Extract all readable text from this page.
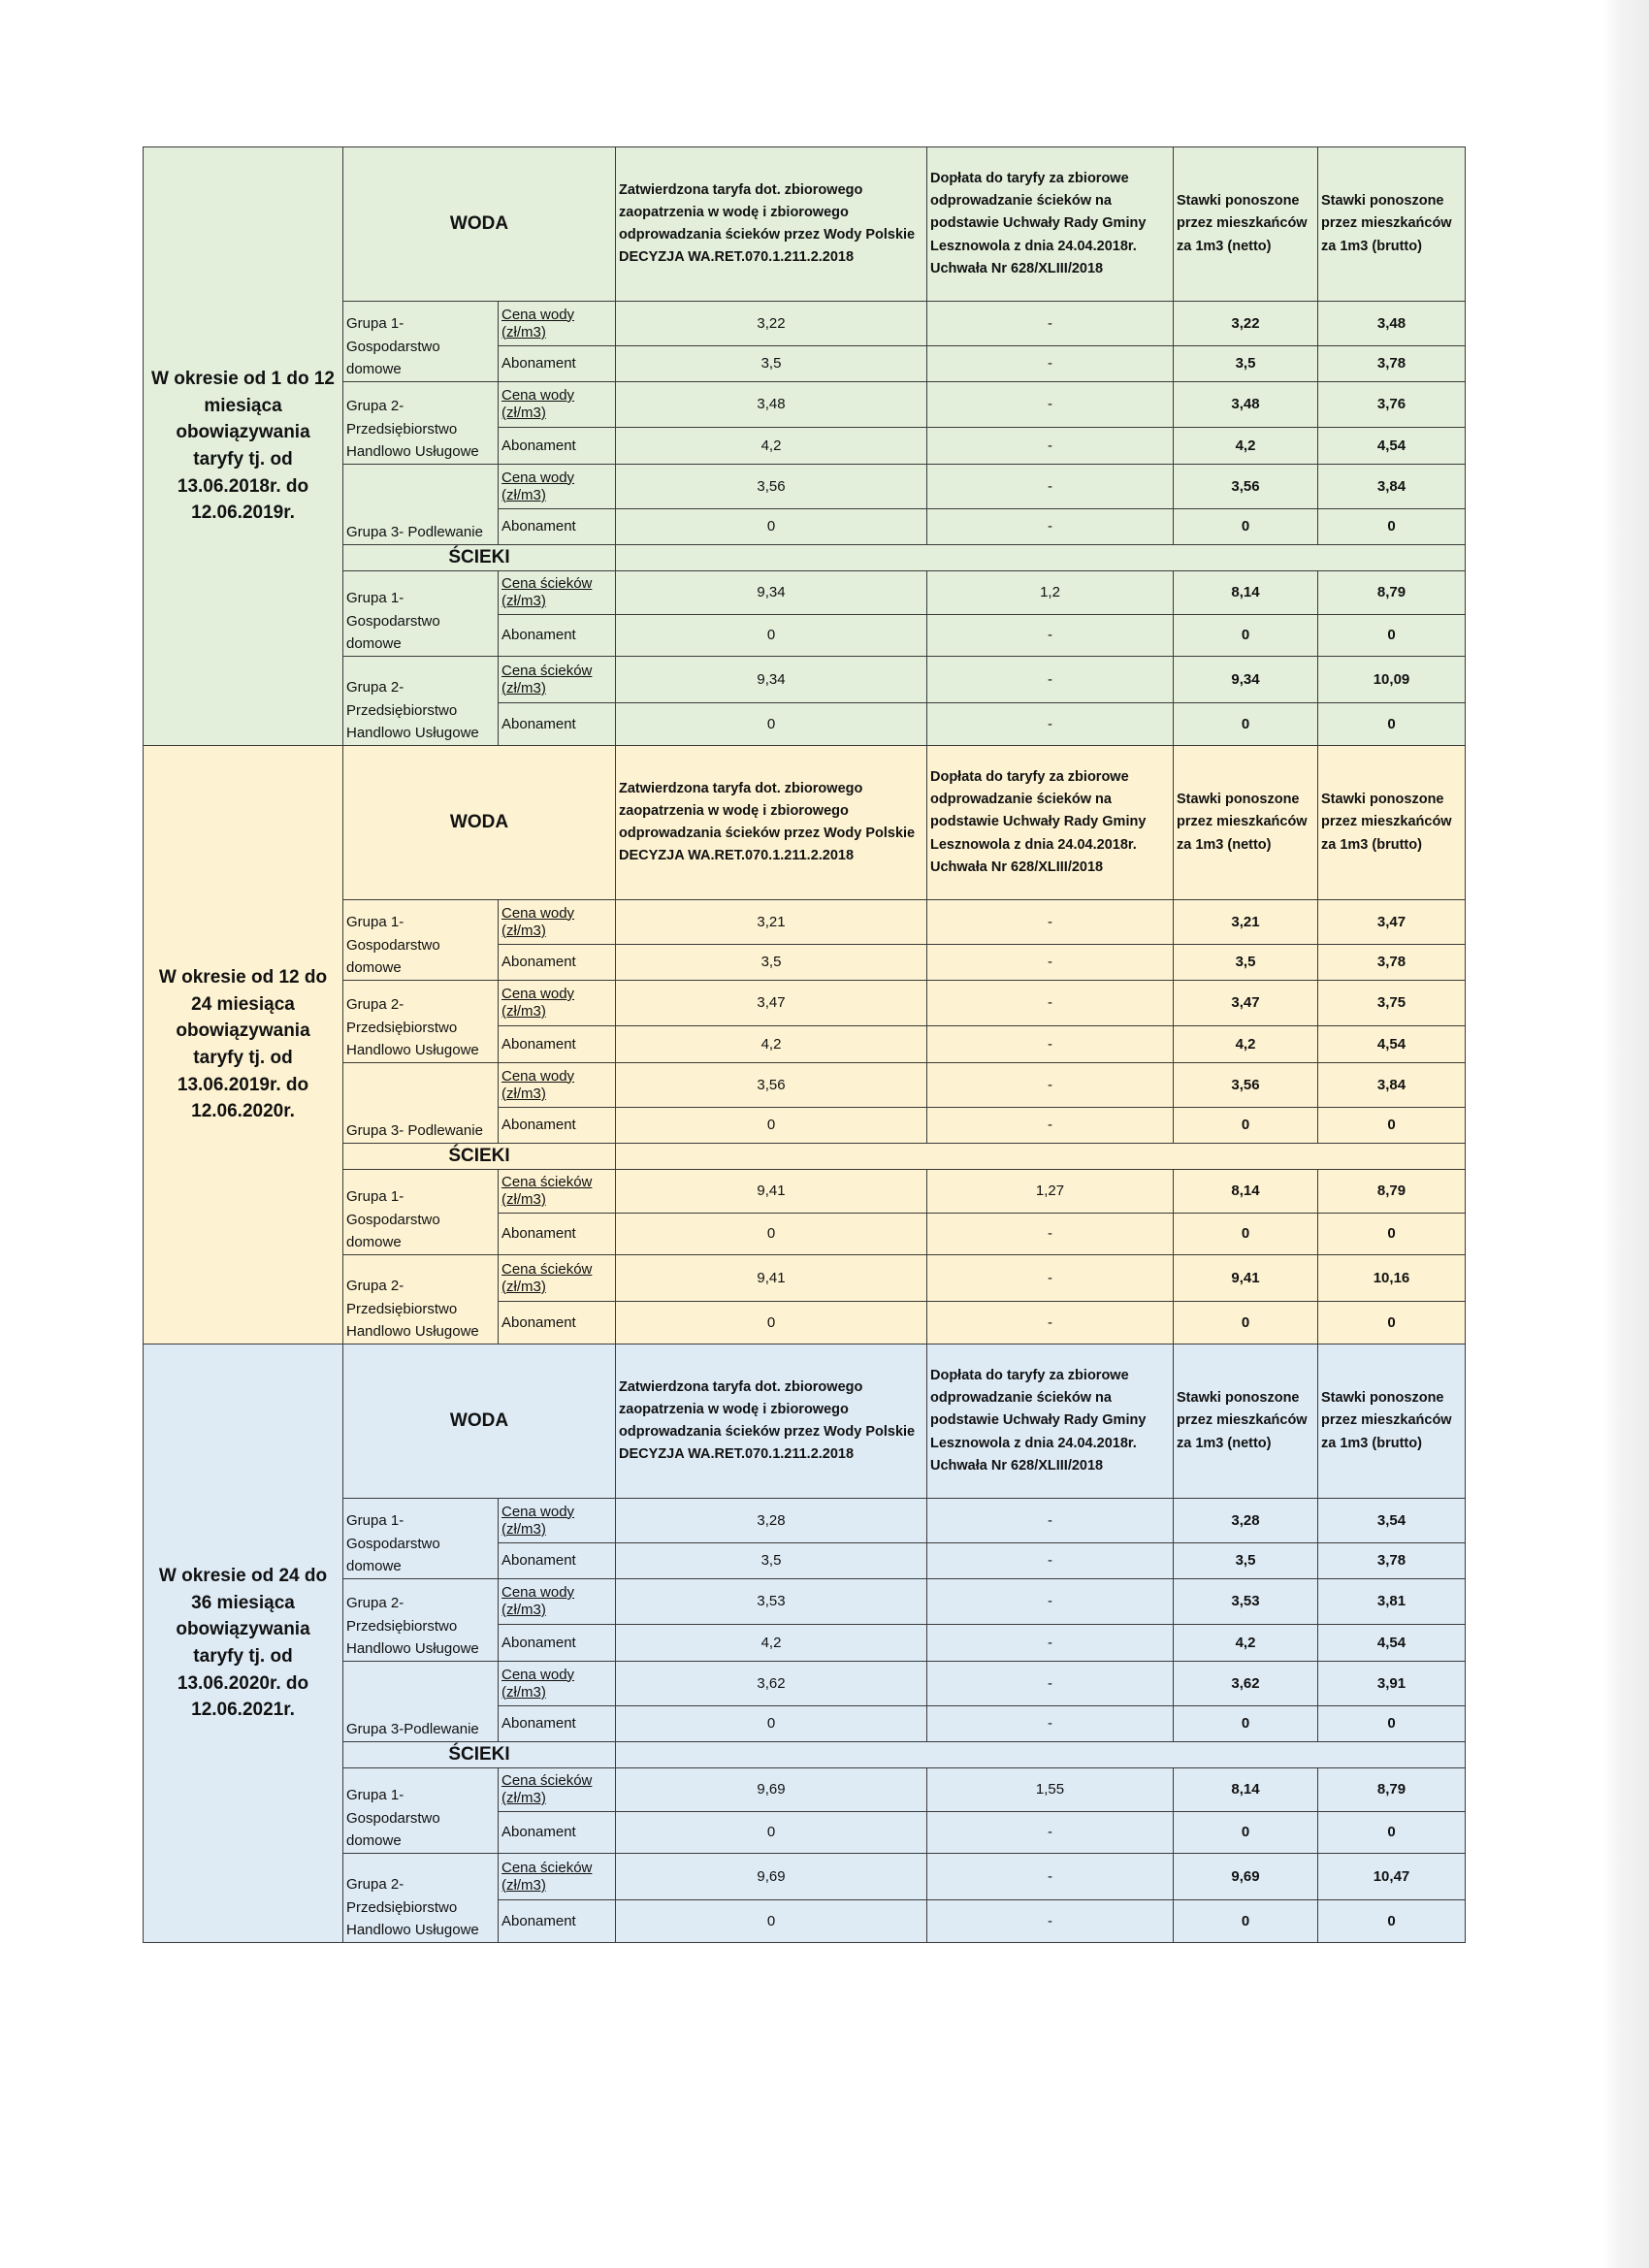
W okresie od 1 do 12 miesiąca obowiązywania taryfy tj. od 13.06.2018r. do 12.06.2019r.	WODA		Zatwierdzona taryfa dot. zbiorowego zaopatrzenia w wodę i zbiorowego odprowadzania ścieków przez Wody Polskie DECYZJA WA.RET.070.1.211.2.2018	Dopłata do taryfy za zbiorowe odprowadzanie ścieków na podstawie Uchwały Rady Gminy Lesznowola z dnia 24.04.2018r. Uchwała Nr 628/XLIII/2018	Stawki ponoszone przez mieszkańców za 1m3 (netto)	Stawki ponoszone przez mieszkańców za 1m3 (brutto)
	Grupa 1- Gospodarstwo domowe	Cena wody (zł/m3)	3,22	-	3,22	3,48
		Abonament	3,5	-	3,5	3,78
	Grupa 2- Przedsiębiorstwo Handlowo Usługowe	Cena wody (zł/m3)	3,48	-	3,48	3,76
		Abonament	4,2	-	4,2	4,54
	Grupa 3- Podlewanie	Cena wody (zł/m3)	3,56	-	3,56	3,84
		Abonament	0	-	0	0
	ŚCIEKI					
	Grupa 1- Gospodarstwo domowe	Cena ścieków (zł/m3)	9,34	1,2	8,14	8,79
		Abonament	0	-	0	0
	Grupa 2- Przedsiębiorstwo Handlowo Usługowe	Cena ścieków (zł/m3)	9,34	-	9,34	10,09
		Abonament	0	-	0	0
W okresie od 12 do 24 miesiąca obowiązywania taryfy tj. od 13.06.2019r. do 12.06.2020r.	WODA		Zatwierdzona taryfa dot. zbiorowego zaopatrzenia w wodę i zbiorowego odprowadzania ścieków przez Wody Polskie DECYZJA WA.RET.070.1.211.2.2018	Dopłata do taryfy za zbiorowe odprowadzanie ścieków na podstawie Uchwały Rady Gminy Lesznowola z dnia 24.04.2018r. Uchwała Nr 628/XLIII/2018	Stawki ponoszone przez mieszkańców za 1m3 (netto)	Stawki ponoszone przez mieszkańców za 1m3 (brutto)
	Grupa 1- Gospodarstwo domowe	Cena wody (zł/m3)	3,21	-	3,21	3,47
		Abonament	3,5	-	3,5	3,78
	Grupa 2- Przedsiębiorstwo Handlowo Usługowe	Cena wody (zł/m3)	3,47	-	3,47	3,75
		Abonament	4,2	-	4,2	4,54
	Grupa 3- Podlewanie	Cena wody (zł/m3)	3,56	-	3,56	3,84
		Abonament	0	-	0	0
	ŚCIEKI					
	Grupa 1- Gospodarstwo domowe	Cena ścieków (zł/m3)	9,41	1,27	8,14	8,79
		Abonament	0	-	0	0
	Grupa 2- Przedsiębiorstwo Handlowo Usługowe	Cena ścieków (zł/m3)	9,41	-	9,41	10,16
		Abonament	0	-	0	0
W okresie od 24 do 36 miesiąca obowiązywania taryfy tj. od 13.06.2020r. do 12.06.2021r.	WODA		Zatwierdzona taryfa dot. zbiorowego zaopatrzenia w wodę i zbiorowego odprowadzania ścieków przez Wody Polskie DECYZJA WA.RET.070.1.211.2.2018	Dopłata do taryfy za zbiorowe odprowadzanie ścieków na podstawie Uchwały Rady Gminy Lesznowola z dnia 24.04.2018r. Uchwała Nr 628/XLIII/2018	Stawki ponoszone przez mieszkańców za 1m3 (netto)	Stawki ponoszone przez mieszkańców za 1m3 (brutto)
	Grupa 1- Gospodarstwo domowe	Cena wody (zł/m3)	3,28	-	3,28	3,54
		Abonament	3,5	-	3,5	3,78
	Grupa 2- Przedsiębiorstwo Handlowo Usługowe	Cena wody (zł/m3)	3,53	-	3,53	3,81
		Abonament	4,2	-	4,2	4,54
	Grupa 3-Podlewanie	Cena wody (zł/m3)	3,62	-	3,62	3,91
		Abonament	0	-	0	0
	ŚCIEKI					
	Grupa 1- Gospodarstwo domowe	Cena ścieków (zł/m3)	9,69	1,55	8,14	8,79
		Abonament	0	-	0	0
	Grupa 2- Przedsiębiorstwo Handlowo Usługowe	Cena ścieków (zł/m3)	9,69	-	9,69	10,47
		Abonament	0	-	0	0
